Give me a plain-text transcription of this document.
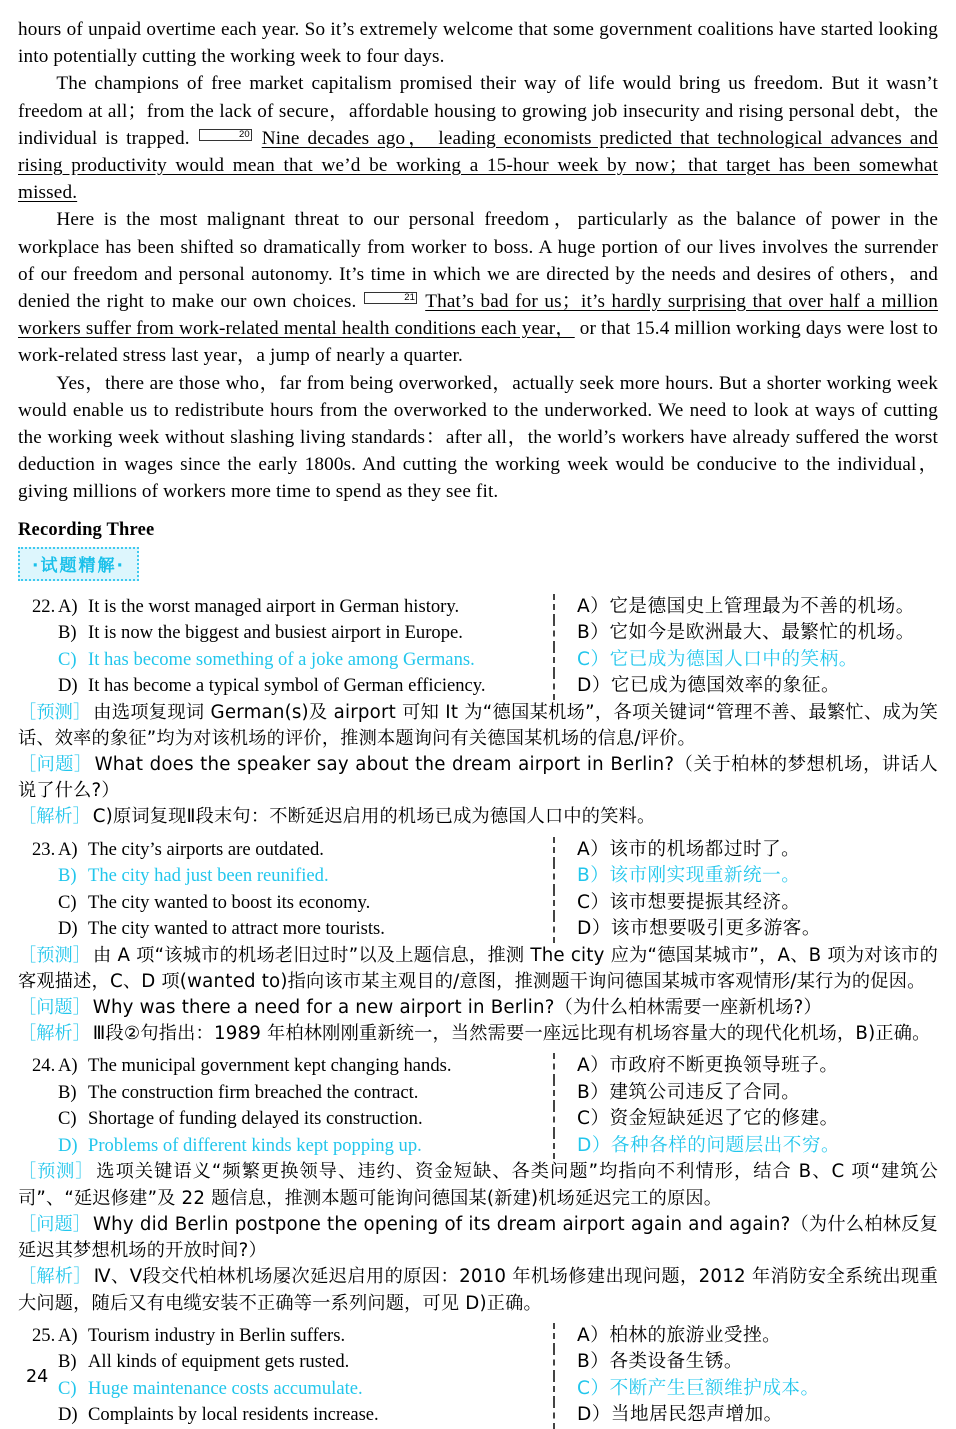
hours of unpaid overtime each year. So it’s extremely welcome that some government coalitions have started looking into potentially cutting the working week to four days.

The champions of free market capitalism promised their way of life would bring us freedom. But it wasn’t freedom at all；from the lack of secure，affordable housing to growing job insecurity and rising personal debt，the individual is trapped.	20 Nine decades ago， leading economists predicted that technological advances and rising productivity would mean that we’d be working a 15-hour week by now；that target has been somewhat missed.

Here is the most malignant threat to our personal freedom，particularly as the balance of power in the workplace has been shifted so dramatically from worker to boss. A huge portion of our lives involves the surrender of our freedom and personal autonomy. It’s time in which we are directed by the needs and desires of others，and denied the right to make our own choices.	21 That’s bad for us；it’s hardly surprising that over half a million workers suffer from work-related mental health conditions each year， or that 15.4 million working days were lost to work-related stress last year，a jump of nearly a quarter.

Yes，there are those who，far from being overworked，actually seek more hours. But a shorter working week would enable us to redistribute hours from the overworked to the underworked. We need to look at ways of cutting the working week without slashing living standards：after all，the world’s workers have already suffered the worst deduction in wages since the early 1800s. And cutting the working week would be conducive to the individual，giving millions of workers more time to spend as they see fit.

Recording Three
·试题精解·
22. A) It is the worst managed airport in German history.	A）它是德国史上管理最为不善的机场。
B) It is now the biggest and busiest airport in Europe.	B）它如今是欧洲最大、最繁忙的机场。
C) It has become something of a joke among Germans.	C）它已成为德国人口中的笑柄。
D) It has become a typical symbol of German efficiency.	D）它已成为德国效率的象征。

［预测］ 由选项复现词 German(s)及 airport 可知 It 为“德国某机场”，各项关键词“管理不善、最繁忙、成为笑话、效率的象征”均为对该机场的评价，推测本题询问有关德国某机场的信息/评价。

［问题］ What does the speaker say about the dream airport in Berlin?（关于柏林的梦想机场，讲话人说了什么?）

［解析］ C)原词复现Ⅱ段末句：不断延迟启用的机场已成为德国人口中的笑料。

23. A) The city’s airports are outdated.	A）该市的机场都过时了。
B) The city had just been reunified.	B）该市刚实现重新统一。
C) The city wanted to boost its economy.	C）该市想要提振其经济。
D) The city wanted to attract more tourists.	D）该市想要吸引更多游客。

［预测］ 由 A 项“该城市的机场老旧过时”以及上题信息，推测 The city 应为“德国某城市”，A、B 项为对该市的客观描述，C、D 项(wanted to)指向该市某主观目的/意图，推测题干询问德国某城市客观情形/某行为的促因。

［问题］ Why was there a need for a new airport in Berlin?（为什么柏林需要一座新机场?）

［解析］ Ⅲ段②句指出：1989 年柏林刚刚重新统一，当然需要一座远比现有机场容量大的现代化机场，B)正确。

24. A) The municipal government kept changing hands.	A）市政府不断更换领导班子。
B) The construction firm breached the contract.	B）建筑公司违反了合同。
C) Shortage of funding delayed its construction.	C）资金短缺延迟了它的修建。
D) Problems of different kinds kept popping up.	D）各种各样的问题层出不穷。

［预测］ 选项关键语义“频繁更换领导、违约、资金短缺、各类问题”均指向不利情形，结合 B、C 项“建筑公司”、“延迟修建”及 22 题信息，推测本题可能询问德国某(新建)机场延迟完工的原因。

［问题］ Why did Berlin postpone the opening of its dream airport again and again?（为什么柏林反复延迟其梦想机场的开放时间?）

［解析］ Ⅳ、Ⅴ段交代柏林机场屡次延迟启用的原因：2010 年机场修建出现问题，2012 年消防安全系统出现重大问题，随后又有电缆安装不正确等一系列问题，可见 D)正确。

25. A) Tourism industry in Berlin suffers.	A）柏林的旅游业受挫。
B) All kinds of equipment gets rusted.	B）各类设备生锈。
C) Huge maintenance costs accumulate.	C）不断产生巨额维护成本。
D) Complaints by local residents increase.	D）当地居民怨声增加。
24
